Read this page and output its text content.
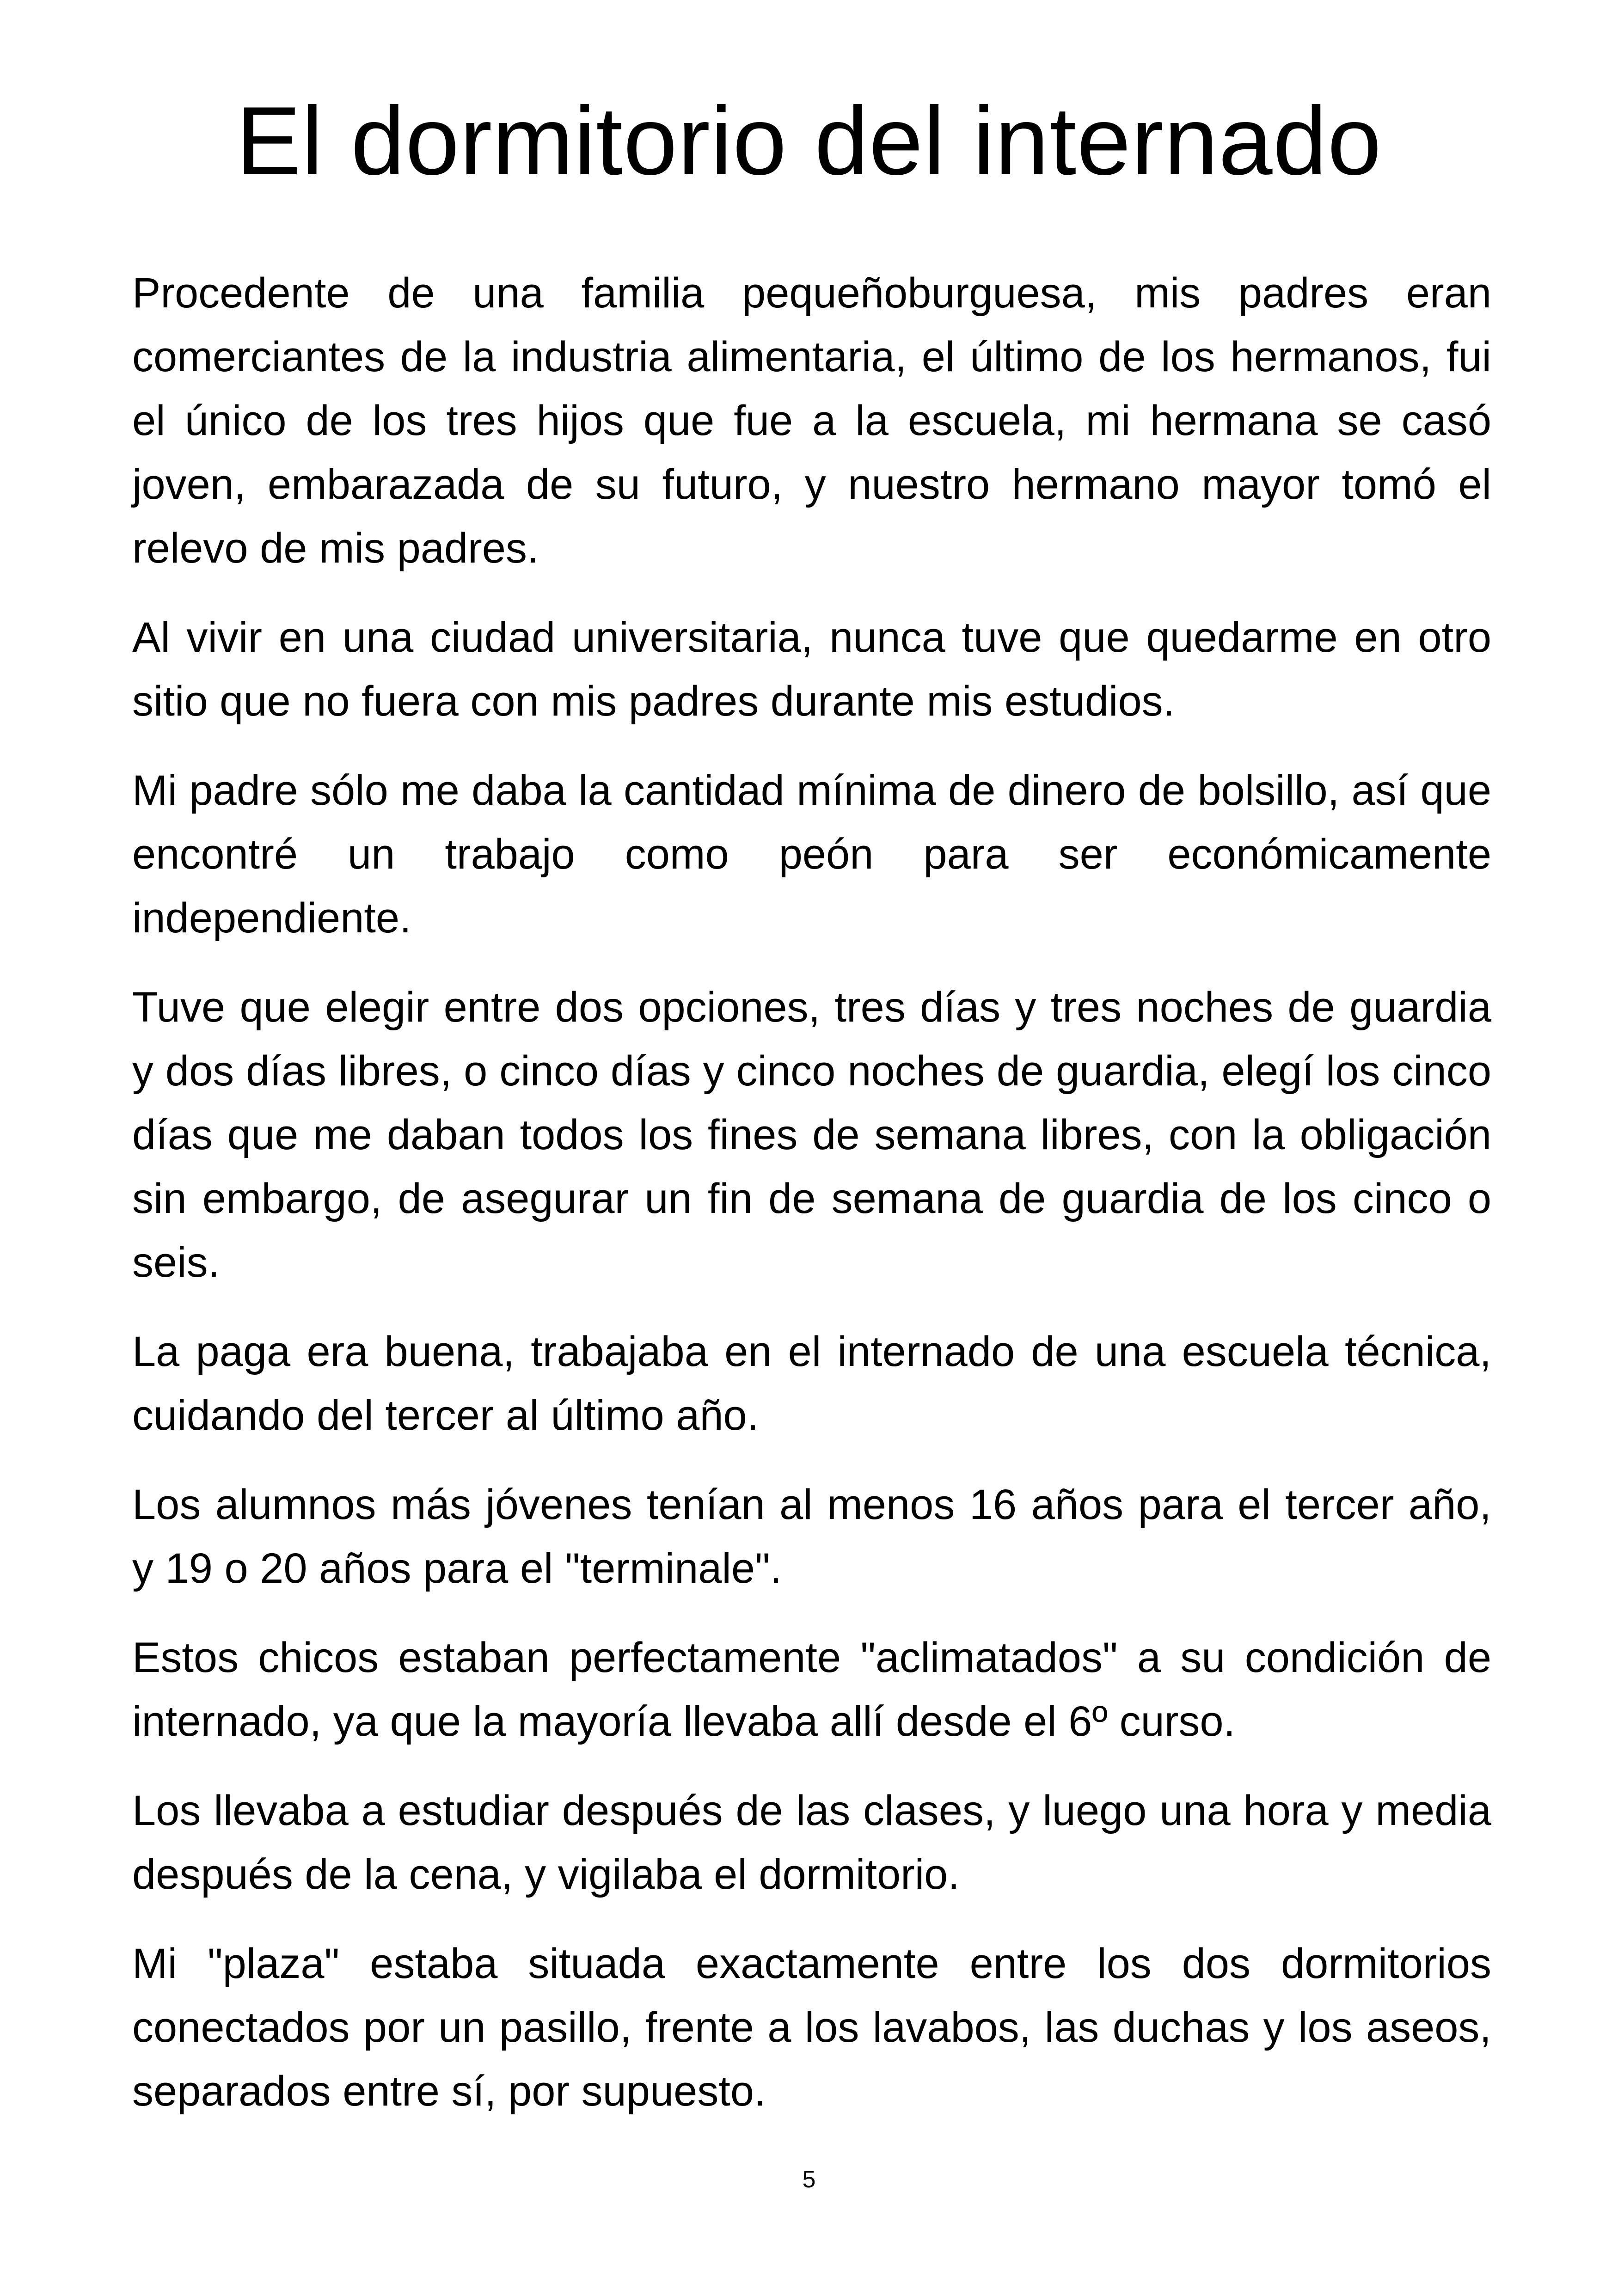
El dormitorio del internado

Procedente de una familia pequeñoburguesa, mis padres eran comerciantes de la industria alimentaria, el último de los hermanos, fui el único de los tres hijos que fue a la escuela, mi hermana se casó joven, embarazada de su futuro, y nuestro hermano mayor tomó el relevo de mis padres.

Al vivir en una ciudad universitaria, nunca tuve que quedarme en otro sitio que no fuera con mis padres durante mis estudios.

Mi padre sólo me daba la cantidad mínima de dinero de bolsillo, así que encontré un trabajo como peón para ser económicamente independiente.

Tuve que elegir entre dos opciones, tres días y tres noches de guardia y dos días libres, o cinco días y cinco noches de guardia, elegí los cinco días que me daban todos los fines de semana libres, con la obligación sin embargo, de asegurar un fin de semana de guardia de los cinco o seis.

La paga era buena, trabajaba en el internado de una escuela técnica, cuidando del tercer al último año.

Los alumnos más jóvenes tenían al menos 16 años para el tercer año, y 19 o 20 años para el "terminale".

Estos chicos estaban perfectamente "aclimatados" a su condición de internado, ya que la mayoría llevaba allí desde el 6º curso.

Los llevaba a estudiar después de las clases, y luego una hora y media después de la cena, y vigilaba el dormitorio.

Mi "plaza" estaba situada exactamente entre los dos dormitorios conectados por un pasillo, frente a los lavabos, las duchas y los aseos, separados entre sí, por supuesto.

5
